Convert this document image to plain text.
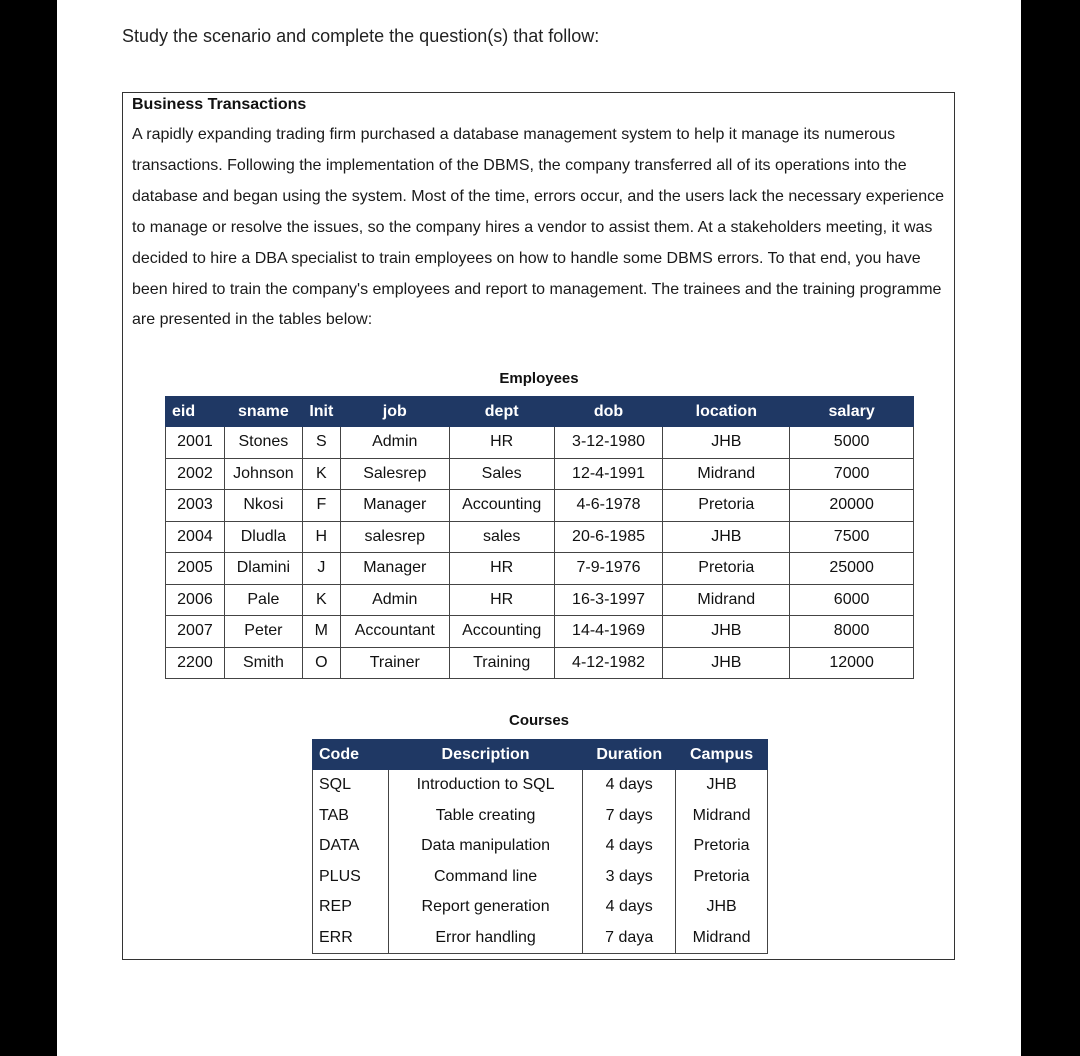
Study the scenario and complete the question(s) that follow:
Business Transactions
A rapidly expanding trading firm purchased a database management system to help it manage its numerous transactions. Following the implementation of the DBMS, the company transferred all of its operations into the database and began using the system. Most of the time, errors occur, and the users lack the necessary experience to manage or resolve the issues, so the company hires a vendor to assist them. At a stakeholders meeting, it was decided to hire a DBA specialist to train employees on how to handle some DBMS errors. To that end, you have been hired to train the company's employees and report to management. The trainees and the training programme are presented in the tables below:
Employees
eid	sname	Init	job	dept	dob	location	salary
2001	Stones	S	Admin	HR	3-12-1980	JHB	5000
2002	Johnson	K	Salesrep	Sales	12-4-1991	Midrand	7000
2003	Nkosi	F	Manager	Accounting	4-6-1978	Pretoria	20000
2004	Dludla	H	salesrep	sales	20-6-1985	JHB	7500
2005	Dlamini	J	Manager	HR	7-9-1976	Pretoria	25000
2006	Pale	K	Admin	HR	16-3-1997	Midrand	6000
2007	Peter	M	Accountant	Accounting	14-4-1969	JHB	8000
2200	Smith	O	Trainer	Training	4-12-1982	JHB	12000
Courses
Code	Description	Duration	Campus
SQL	Introduction to SQL	4 days	JHB
TAB	Table creating	7 days	Midrand
DATA	Data manipulation	4 days	Pretoria
PLUS	Command line	3 days	Pretoria
REP	Report generation	4 days	JHB
ERR	Error handling	7 daya	Midrand
